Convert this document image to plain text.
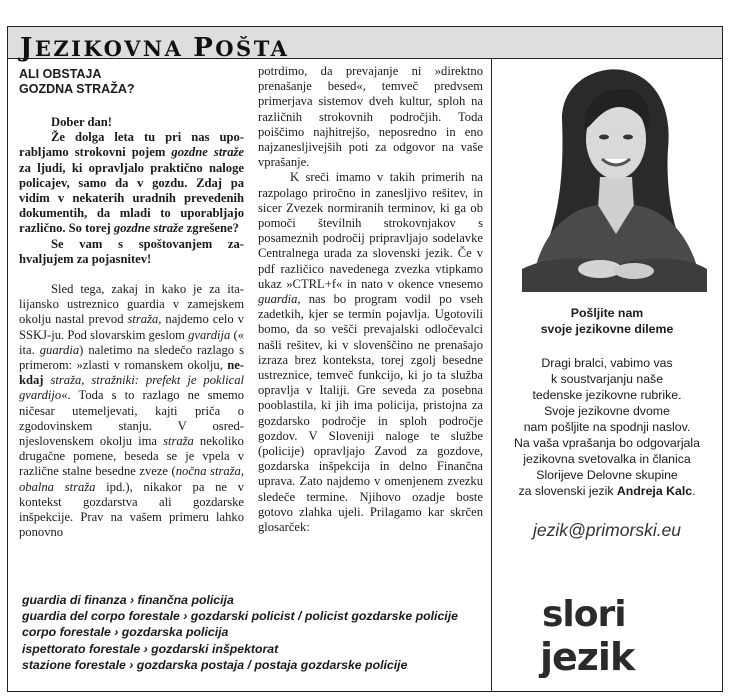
JEZIKOVNA POŠTA
ALI OBSTAJA
GOZDNA STRAŽA?

Dober dan!

Že dolga leta tu pri nas uporabljamo strokovni pojem gozdne straže za ljudi, ki opravljalo praktično naloge policajev, samo da v gozdu. Zdaj pa vidim v nekaterih uradnih prevedenih dokumentih, da mladi to uporabljajo različno. So torej gozdne straže zgrešene?

Se vam s spoštovanjem zahvaljujem za pojasnitev!

Sled tega, zakaj in kako je za italijansko ustreznico guardia v zamejskem okolju nastal prevod straža, najdemo celo v SSKJ-ju. Pod slovarskim geslom gvardija (« ita. guardia) naletimo na sledečo razlago s primerom: »zlasti v romanskem okolju, nekdaj straža, stražniki: prefekt je poklical gvardijo«. Toda s to razlago ne smemo ničesar utemeljevati, kajti priča o zgodovinskem stanju. V osrednjeslovenskem okolju ima straža nekoliko drugačne pomene, beseda se je vpela v različne stalne besedne zveze (nočna straža, obalna straža ipd.), nikakor pa ne v kontekst gozdarstva ali gozdarske inšpekcije. Prav na vašem primeru lahko ponovno

potrdimo, da prevajanje ni »direktno prenašanje besed«, temveč predvsem primerjava sistemov dveh kultur, sploh na različnih strokovnih področjih. Toda poiščimo najhitrejšo, neposredno in eno najzanesljivejših poti za odgovor na vaše vprašanje.

K sreči imamo v takih primerih na razpolago priročno in zanesljivo rešitev, in sicer Zvezek normiranih terminov, ki ga ob pomoči številnih strokovnjakov s posameznih področij pripravljajo sodelavke Centralnega urada za slovenski jezik. Če v pdf različico navedenega zvezka vtipkamo ukaz »CTRL+f« in nato v okence vnesemo guardia, nas bo program vodil po vseh zadetkih, kjer se termin pojavlja. Ugotovili bomo, da so vešči prevajalski odločevalci našli rešitev, ki v slovenščino ne prenašajo izraza brez konteksta, torej zgolj besedne ustreznice, temveč funkcijo, ki jo ta služba opravlja v Italiji. Gre seveda za posebna pooblastila, ki jih ima policija, pristojna za gozdarsko področje in sploh področje gozdov. V Sloveniji naloge te službe (policije) opravljajo Zavod za gozdove, gozdarska inšpekcija in delno Finančna uprava. Zato najdemo v omenjenem zvezku sledeče termine. Njihovo ozadje boste gotovo zlahka ujeli. Prilagamo kar skrčen glosarček:

guardia di finanza › finančna policija
guardia del corpo forestale › gozdarski policist / policist gozdarske policije
corpo forestale › gozdarska policija
ispettorato forestale › gozdarski inšpektorat
stazione forestale › gozdarska postaja / postaja gozdarske policije
Pošljite nam
svoje jezikovne dileme
Dragi bralci, vabimo vas
k soustvarjanju naše
tedenske jezikovne rubrike.
Svoje jezikovne dvome
nam pošljite na spodnji naslov.
Na vaša vprašanja bo odgovarjala
jezikovna svetovalka in članica
Slorijeve Delovne skupine
za slovenski jezik Andreja Kalc.
jezik@primorski.eu
slori
jezik
